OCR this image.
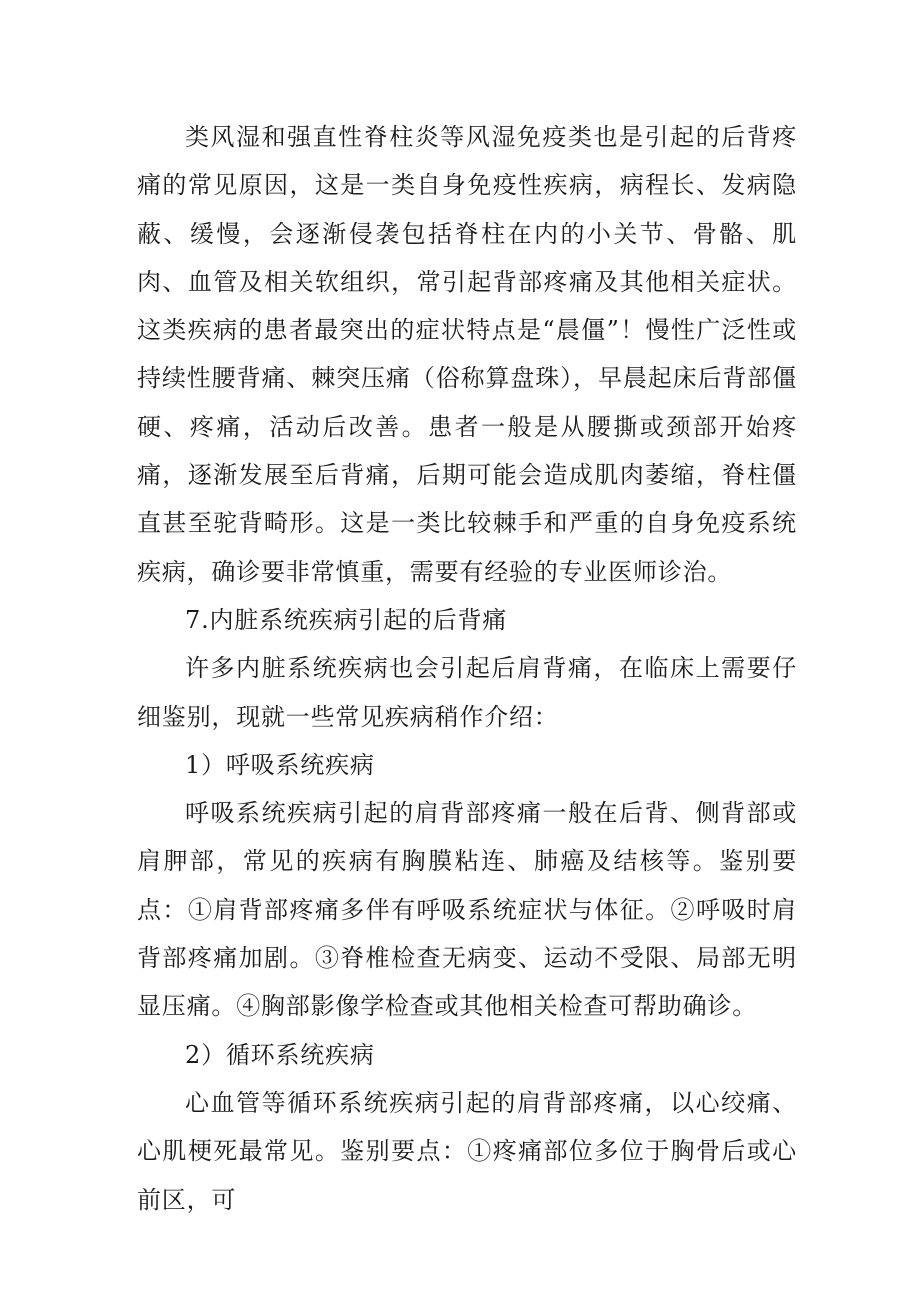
类风湿和强直性脊柱炎等风湿免疫类也是引起的后背疼痛的常见原因，这是一类自身免疫性疾病，病程长、发病隐蔽、缓慢，会逐渐侵袭包括脊柱在内的小关节、骨骼、肌肉、血管及相关软组织，常引起背部疼痛及其他相关症状。这类疾病的患者最突出的症状特点是“晨僵”！慢性广泛性或持续性腰背痛、棘突压痛（俗称算盘珠），早晨起床后背部僵硬、疼痛，活动后改善。患者一般是从腰撕或颈部开始疼痛，逐渐发展至后背痛，后期可能会造成肌肉萎缩，脊柱僵直甚至驼背畸形。这是一类比较棘手和严重的自身免疫系统疾病，确诊要非常慎重，需要有经验的专业医师诊治。

7.内脏系统疾病引起的后背痛

许多内脏系统疾病也会引起后肩背痛，在临床上需要仔细鉴别，现就一些常见疾病稍作介绍：

1）呼吸系统疾病

呼吸系统疾病引起的肩背部疼痛一般在后背、侧背部或肩胛部，常见的疾病有胸膜粘连、肺癌及结核等。鉴别要点：①肩背部疼痛多伴有呼吸系统症状与体征。②呼吸时肩背部疼痛加剧。③脊椎检查无病变、运动不受限、局部无明显压痛。④胸部影像学检查或其他相关检查可帮助确诊。

2）循环系统疾病

心血管等循环系统疾病引起的肩背部疼痛，以心绞痛、心肌梗死最常见。鉴别要点：①疼痛部位多位于胸骨后或心前区，可
